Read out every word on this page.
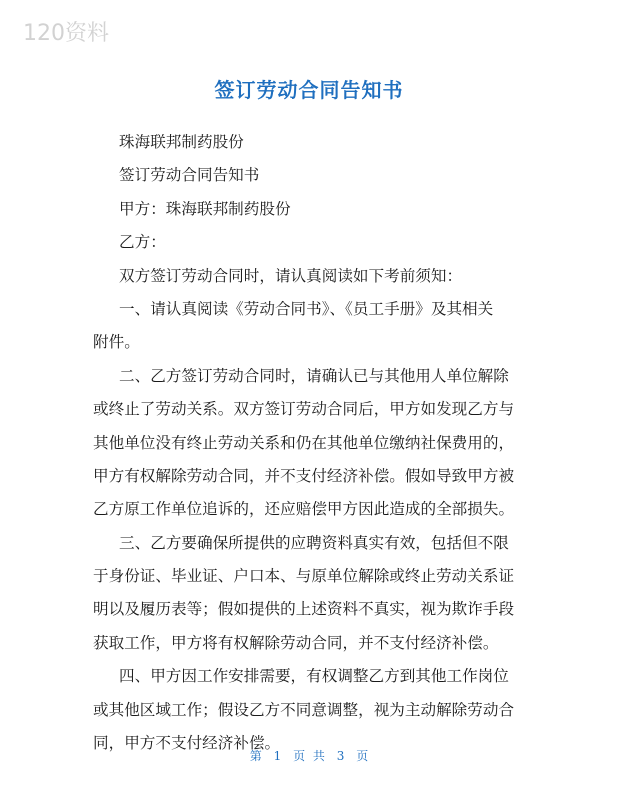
120资料
签订劳动合同告知书
珠海联邦制药股份
签订劳动合同告知书
甲方：珠海联邦制药股份
乙方：
双方签订劳动合同时，请认真阅读如下考前须知：
一、请认真阅读《劳动合同书》、《员工手册》及其相关
附件。
二、乙方签订劳动合同时，请确认已与其他用人单位解除
或终止了劳动关系。双方签订劳动合同后，甲方如发现乙方与
其他单位没有终止劳动关系和仍在其他单位缴纳社保费用的，
甲方有权解除劳动合同，并不支付经济补偿。假如导致甲方被
乙方原工作单位追诉的，还应赔偿甲方因此造成的全部损失。
三、乙方要确保所提供的应聘资料真实有效，包括但不限
于身份证、毕业证、户口本、与原单位解除或终止劳动关系证
明以及履历表等；假如提供的上述资料不真实，视为欺诈手段
获取工作，甲方将有权解除劳动合同，并不支付经济补偿。
四、甲方因工作安排需要，有权调整乙方到其他工作岗位
或其他区域工作；假设乙方不同意调整，视为主动解除劳动合
同，甲方不支付经济补偿。
第 1 页 共 3 页
